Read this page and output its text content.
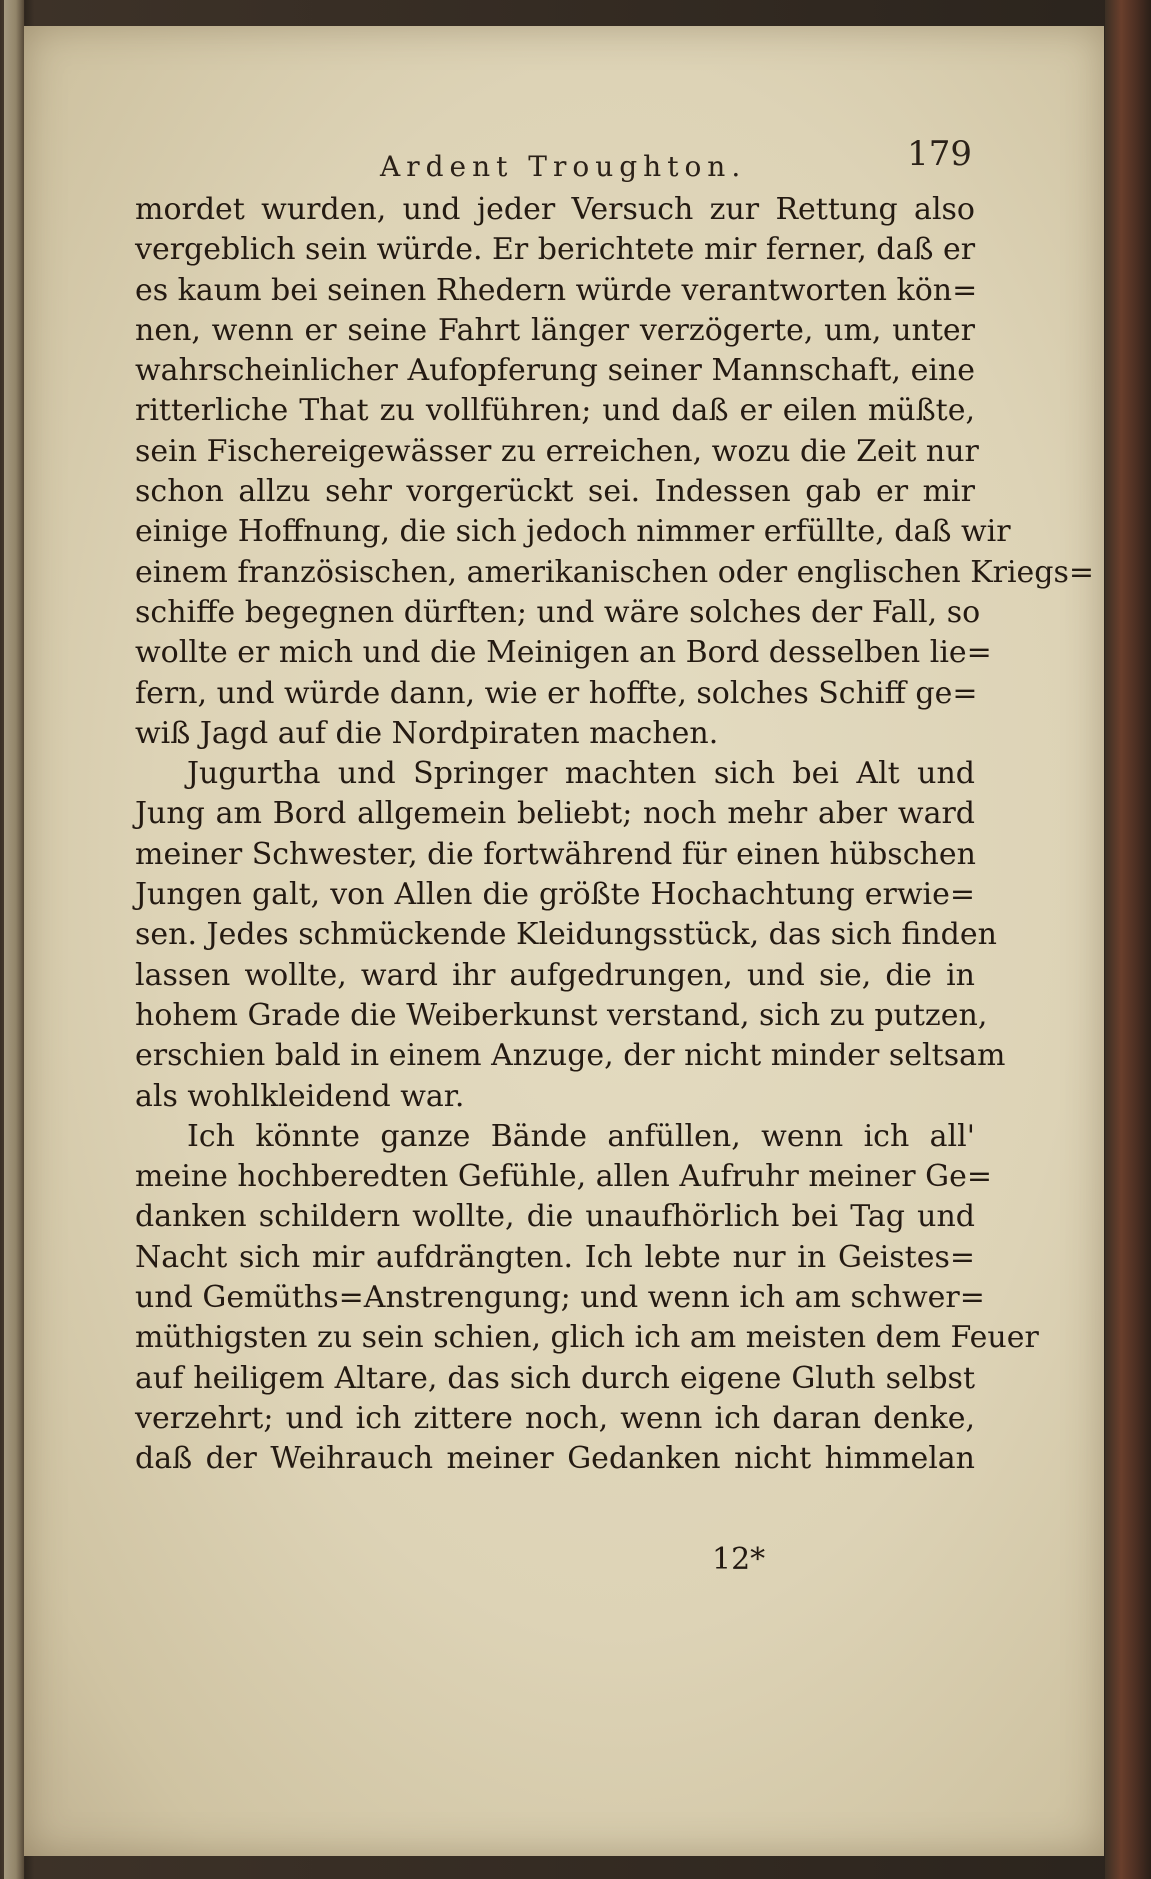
Ardent Troughton.	179
mordet wurden, und jeder Versuch zur Rettung also
vergeblich sein würde. Er berichtete mir ferner, daß er
es kaum bei seinen Rhedern würde verantworten kön=
nen, wenn er seine Fahrt länger verzögerte, um, unter
wahrscheinlicher Aufopferung seiner Mannschaft, eine
ritterliche That zu vollführen; und daß er eilen müßte,
sein Fischereigewässer zu erreichen, wozu die Zeit nur
schon allzu sehr vorgerückt sei. Indessen gab er mir
einige Hoffnung, die sich jedoch nimmer erfüllte, daß wir
einem französischen, amerikanischen oder englischen Kriegs=
schiffe begegnen dürften; und wäre solches der Fall, so
wollte er mich und die Meinigen an Bord desselben lie=
fern, und würde dann, wie er hoffte, solches Schiff ge=
wiß Jagd auf die Nordpiraten machen.
Jugurtha und Springer machten sich bei Alt und
Jung am Bord allgemein beliebt; noch mehr aber ward
meiner Schwester, die fortwährend für einen hübschen
Jungen galt, von Allen die größte Hochachtung erwie=
sen. Jedes schmückende Kleidungsstück, das sich finden
lassen wollte, ward ihr aufgedrungen, und sie, die in
hohem Grade die Weiberkunst verstand, sich zu putzen,
erschien bald in einem Anzuge, der nicht minder seltsam
als wohlkleidend war.
Ich könnte ganze Bände anfüllen, wenn ich all'
meine hochberedten Gefühle, allen Aufruhr meiner Ge=
danken schildern wollte, die unaufhörlich bei Tag und
Nacht sich mir aufdrängten. Ich lebte nur in Geistes=
und Gemüths=Anstrengung; und wenn ich am schwer=
müthigsten zu sein schien, glich ich am meisten dem Feuer
auf heiligem Altare, das sich durch eigene Gluth selbst
verzehrt; und ich zittere noch, wenn ich daran denke,
daß der Weihrauch meiner Gedanken nicht himmelan
12*
